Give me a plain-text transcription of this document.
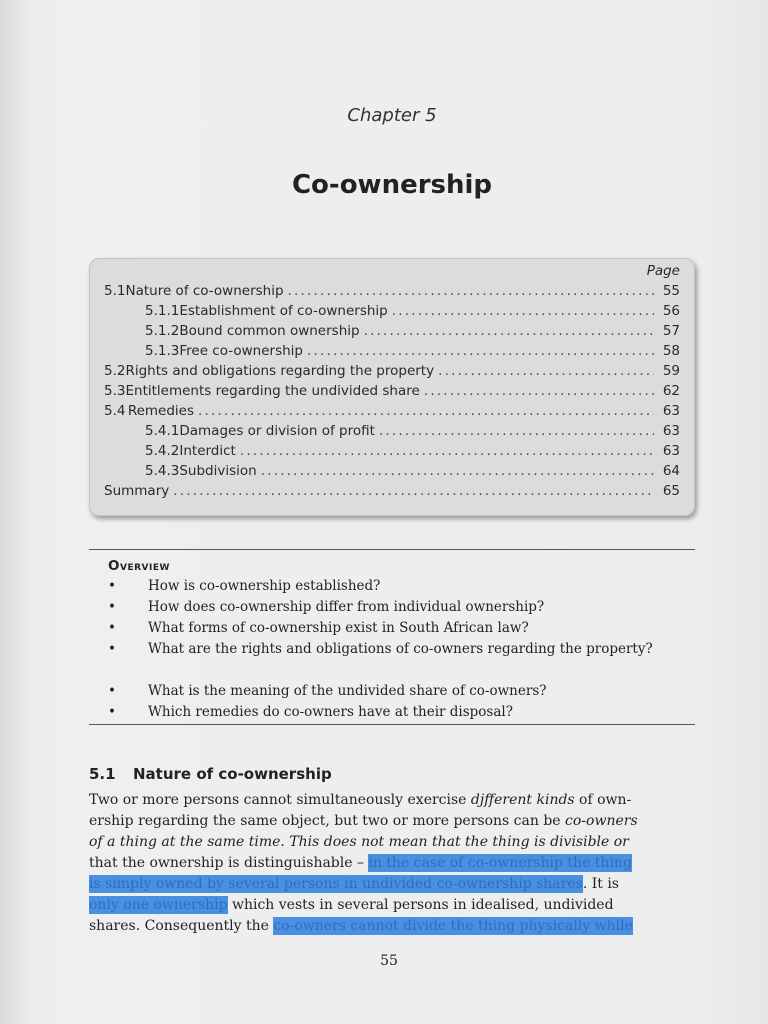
Chapter 5
Co-ownership
Page
5.1 Nature of co-ownership .....	55
5.1.1 Establishment of co-ownership .....	56
5.1.2 Bound common ownership .....	57
5.1.3 Free co-ownership .....	58
5.2 Rights and obligations regarding the property .....	59
5.3 Entitlements regarding the undivided share .....	62
5.4 Remedies .....	63
5.4.1 Damages or division of profit .....	63
5.4.2 Interdict .....	63
5.4.3 Subdivision .....	64
Summary .....	65
Overview
• How is co-ownership established?
• How does co-ownership differ from individual ownership?
• What forms of co-ownership exist in South African law?
• What are the rights and obligations of co-owners regarding the property?
• What is the meaning of the undivided share of co-owners?
• Which remedies do co-owners have at their disposal?
5.1 Nature of co-ownership
Two or more persons cannot simultaneously exercise djfferent kinds of own-
ership regarding the same object, but two or more persons can be co-owners
of a thing at the same time. This does not mean that the thing is divisible or
that the ownership is distinguishable – in the case of co-ownership the thing
is simply owned by several persons in undivided co-ownership shares. It is
only one ownership which vests in several persons in idealised, undivided
shares. Consequently the co-owners cannot divide the thing physically while
55
